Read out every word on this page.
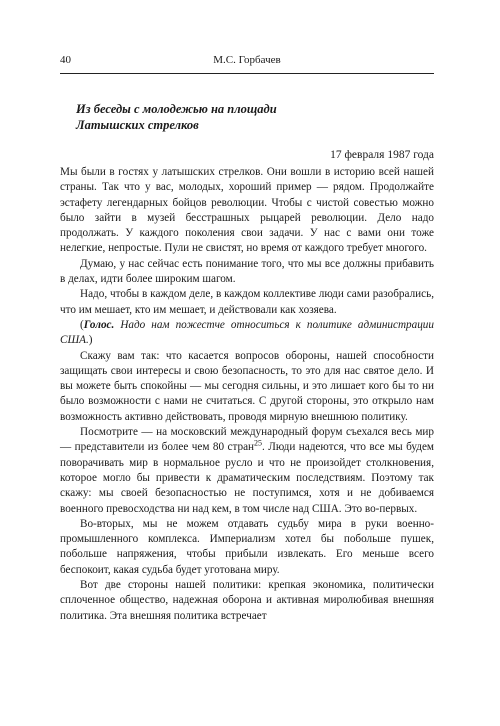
40	М.С. Горбачев
Из беседы с молодежью на площади
Латышских стрелков
17 февраля 1987 года

Мы были в гостях у латышских стрелков. Они вошли в историю всей нашей страны. Так что у вас, молодых, хороший пример — рядом. Продолжайте эстафету легендарных бойцов революции. Чтобы с чистой совестью можно было зайти в музей бесстрашных рыцарей революции. Дело надо продолжать. У каждого поколения свои задачи. У нас с вами они тоже нелегкие, непростые. Пули не свистят, но время от каждого требует многого.

Думаю, у нас сейчас есть понимание того, что мы все должны прибавить в делах, идти более широким шагом.

Надо, чтобы в каждом деле, в каждом коллективе люди сами разобрались, что им мешает, кто им мешает, и действовали как хозяева.

(Голос. Надо нам пожестче относиться к политике администрации США.)

Скажу вам так: что касается вопросов обороны, нашей способности защищать свои интересы и свою безопасность, то это для нас святое дело. И вы можете быть спокойны — мы сегодня сильны, и это лишает кого бы то ни было возможности с нами не считаться. С другой стороны, это открыло нам возможность активно действовать, проводя мирную внешнюю политику.

Посмотрите — на московский международный форум съехался весь мир — представители из более чем 80 стран$^{25}$. Люди надеются, что все мы будем поворачивать мир в нормальное русло и что не произойдет столкновения, которое могло бы привести к драматическим последствиям. Поэтому так скажу: мы своей безопасностью не поступимся, хотя и не добиваемся военного превосходства ни над кем, в том числе над США. Это во-первых.

Во-вторых, мы не можем отдавать судьбу мира в руки военно-промышленного комплекса. Империализм хотел бы побольше пушек, побольше напряжения, чтобы прибыли извлекать. Его меньше всего беспокоит, какая судьба будет уготована миру.

Вот две стороны нашей политики: крепкая экономика, политически сплоченное общество, надежная оборона и активная миролюбивая внешняя политика. Эта внешняя политика встречает
